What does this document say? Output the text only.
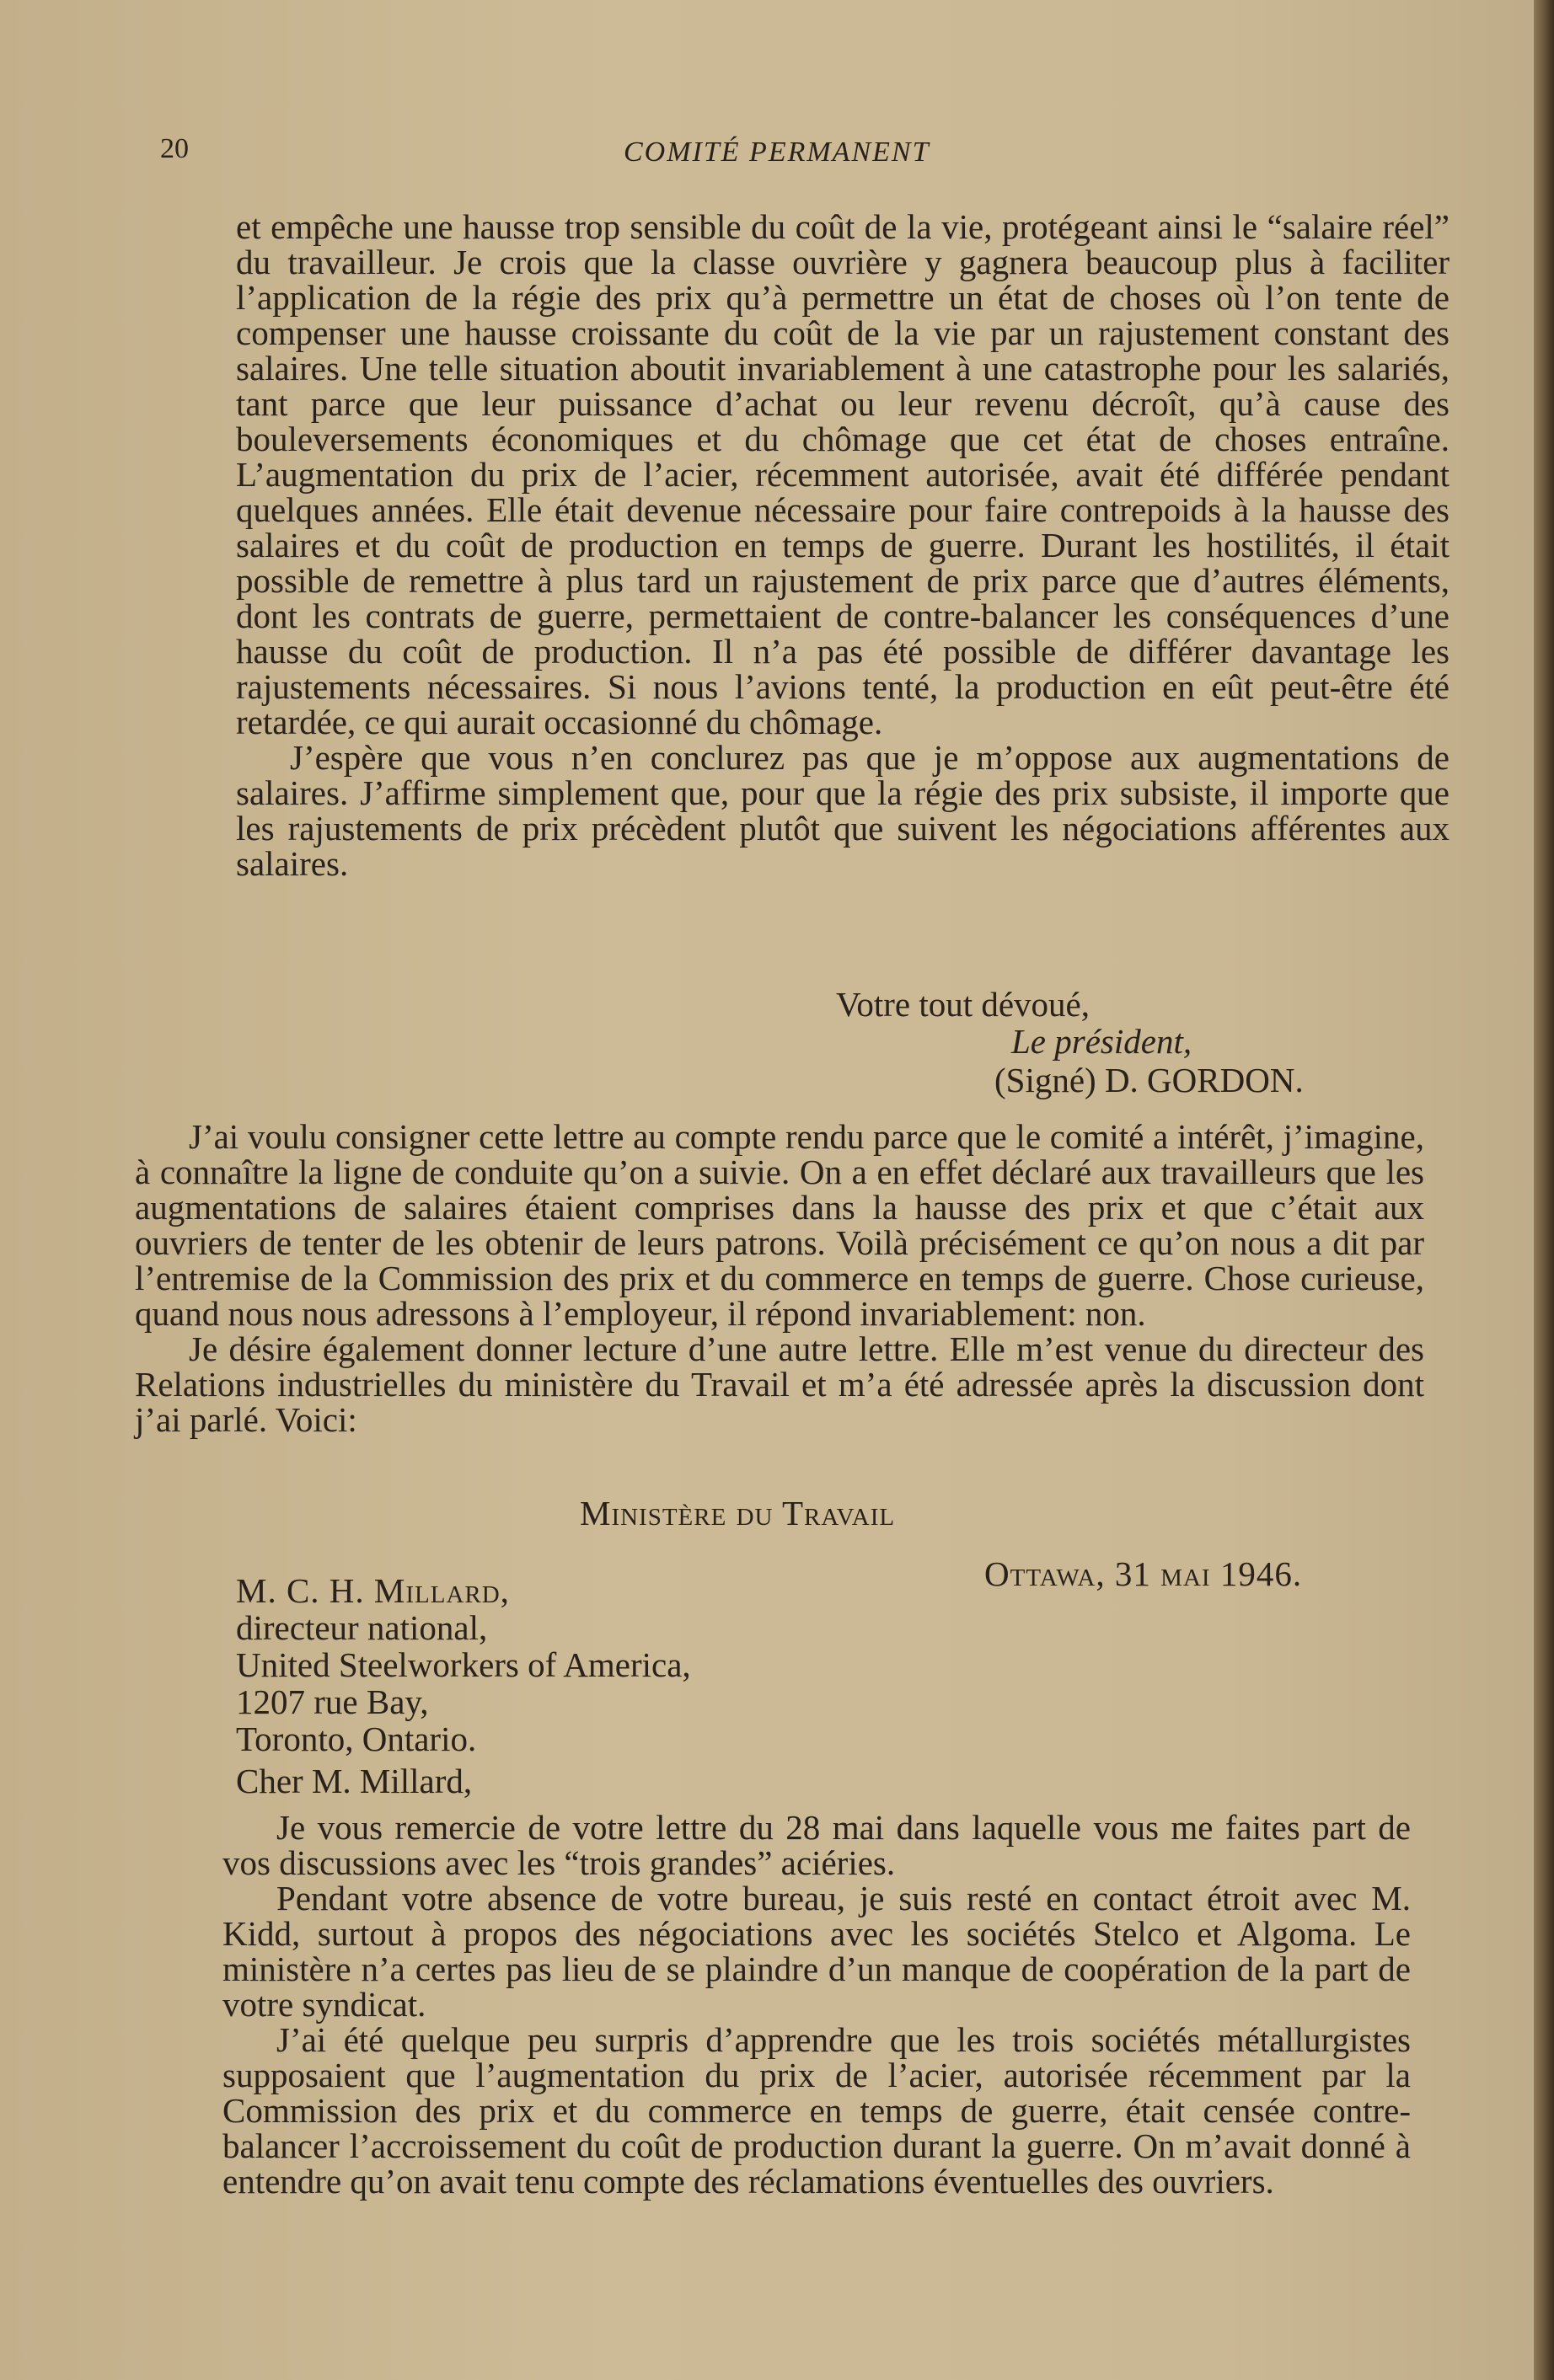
20	COMITÉ PERMANENT

et empêche une hausse trop sensible du coût de la vie, protégeant ainsi le “salaire réel” du travailleur. Je crois que la classe ouvrière y gagnera beaucoup plus à faciliter l’application de la régie des prix qu’à permettre un état de choses où l’on tente de compenser une hausse croissante du coût de la vie par un rajustement constant des salaires. Une telle situation aboutit invariablement à une catastrophe pour les salariés, tant parce que leur puissance d’achat ou leur revenu décroît, qu’à cause des bouleversements économiques et du chômage que cet état de choses entraîne. L’augmentation du prix de l’acier, récemment autorisée, avait été différée pendant quelques années. Elle était devenue nécessaire pour faire contrepoids à la hausse des salaires et du coût de production en temps de guerre. Durant les hostilités, il était possible de remettre à plus tard un rajustement de prix parce que d’autres éléments, dont les contrats de guerre, permettaient de contre-balancer les conséquences d’une hausse du coût de production. Il n’a pas été possible de différer davantage les rajustements nécessaires. Si nous l’avions tenté, la production en eût peut-être été retardée, ce qui aurait occasionné du chômage.

J’espère que vous n’en conclurez pas que je m’oppose aux augmentations de salaires. J’affirme simplement que, pour que la régie des prix subsiste, il importe que les rajustements de prix précèdent plutôt que suivent les négociations afférentes aux salaires.

Votre tout dévoué,
Le président,
(Signé) D. GORDON.

J’ai voulu consigner cette lettre au compte rendu parce que le comité a intérêt, j’imagine, à connaître la ligne de conduite qu’on a suivie. On a en effet déclaré aux travailleurs que les augmentations de salaires étaient comprises dans la hausse des prix et que c’était aux ouvriers de tenter de les obtenir de leurs patrons. Voilà précisément ce qu’on nous a dit par l’entremise de la Commission des prix et du commerce en temps de guerre. Chose curieuse, quand nous nous adressons à l’employeur, il répond invariablement: non.

Je désire également donner lecture d’une autre lettre. Elle m’est venue du directeur des Relations industrielles du ministère du Travail et m’a été adressée après la discussion dont j’ai parlé. Voici:

Ministère du Travail
Ottawa, 31 mai 1946.
M. C. H. Millard,
directeur national,
United Steelworkers of America,
1207 rue Bay,
Toronto, Ontario.
Cher M. Millard,

Je vous remercie de votre lettre du 28 mai dans laquelle vous me faites part de vos discussions avec les “trois grandes” aciéries.

Pendant votre absence de votre bureau, je suis resté en contact étroit avec M. Kidd, surtout à propos des négociations avec les sociétés Stelco et Algoma. Le ministère n’a certes pas lieu de se plaindre d’un manque de coopération de la part de votre syndicat.

J’ai été quelque peu surpris d’apprendre que les trois sociétés métallurgistes supposaient que l’augmentation du prix de l’acier, autorisée récemment par la Commission des prix et du commerce en temps de guerre, était censée contre-balancer l’accroissement du coût de production durant la guerre. On m’avait donné à entendre qu’on avait tenu compte des réclamations éventuelles des ouvriers.
